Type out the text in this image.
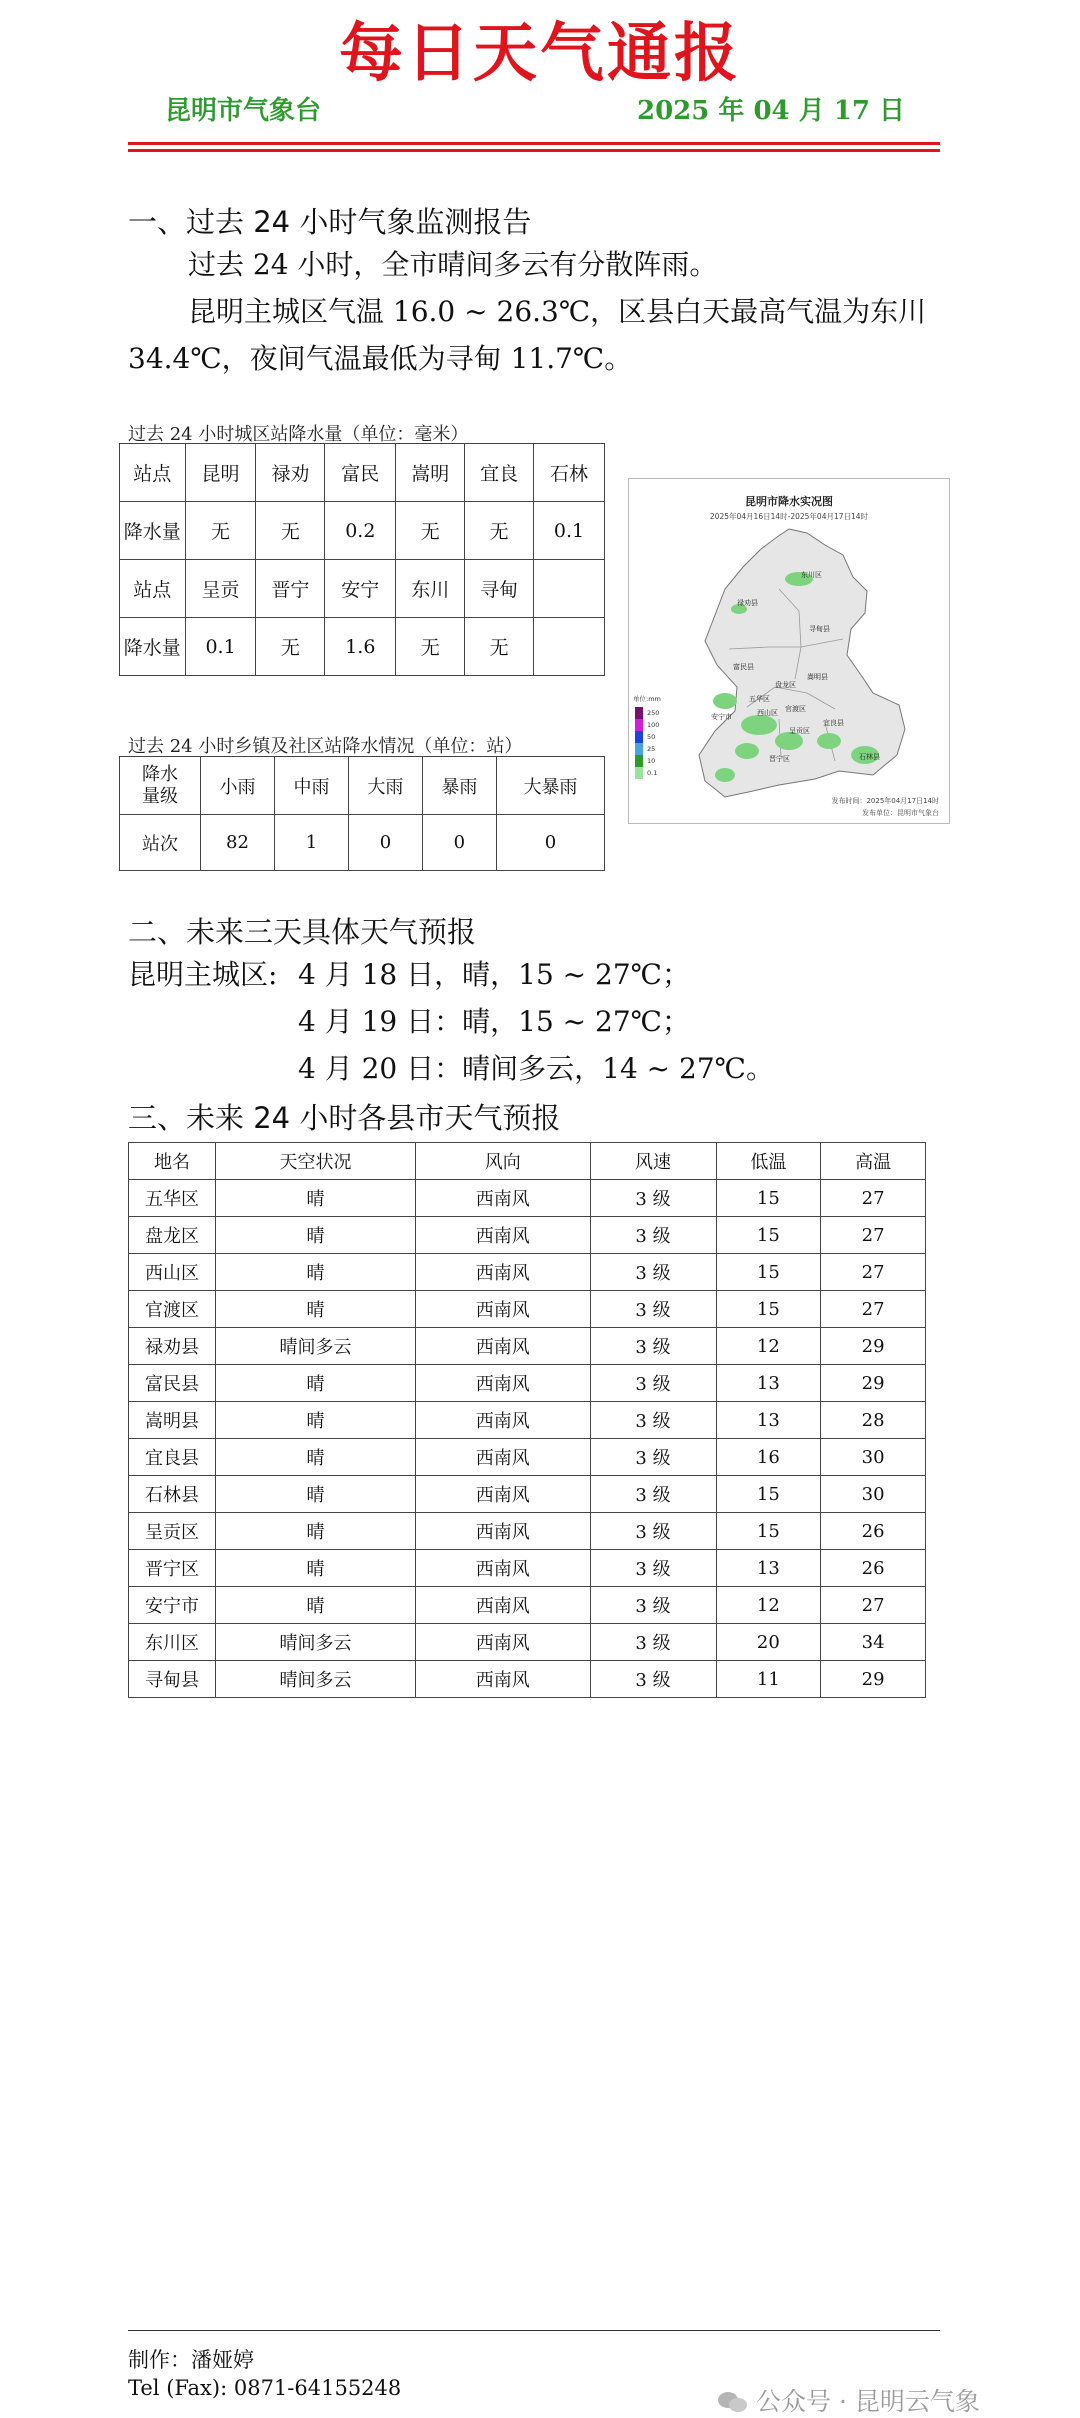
每日天气通报
昆明市气象台	2025 年 04 月 17 日
一、过去 24 小时气象监测报告
过去 24 小时，全市晴间多云有分散阵雨。
昆明主城区气温 16.0 ~ 26.3℃，区县白天最高气温为东川
34.4℃，夜间气温最低为寻甸 11.7℃。
过去 24 小时城区站降水量（单位：毫米）
站点	昆明	禄劝	富民	嵩明	宜良	石林
降水量	无	无	0.2	无	无	0.1
站点	呈贡	晋宁	安宁	东川	寻甸	
降水量	0.1	无	1.6	无	无	
过去 24 小时乡镇及社区站降水情况（单位：站）
降水
量级	小雨	中雨	大雨	暴雨	大暴雨
站次	82	1	0	0	0
昆明市降水实况图
2025年04月16日14时-2025年04月17日14时
东川区
禄劝县
寻甸县
富民县
嵩明县
盘龙区
五华区
西山区 官渡区
宜良县
呈贡区
晋宁区
安宁市
石林县
单位:mm
250
100
50
25
10
0.1
发布时间：2025年04月17日14时
发布单位：昆明市气象台
二、未来三天具体天气预报
昆明主城区: 4 月 18 日，晴，15 ~ 27℃；
4 月 19 日：晴，15 ~ 27℃；
4 月 20 日：晴间多云，14 ~ 27℃。
三、未来 24 小时各县市天气预报
地名	天空状况	风向	风速	低温	高温
五华区	晴	西南风	3 级	15	27
盘龙区	晴	西南风	3 级	15	27
西山区	晴	西南风	3 级	15	27
官渡区	晴	西南风	3 级	15	27
禄劝县	晴间多云	西南风	3 级	12	29
富民县	晴	西南风	3 级	13	29
嵩明县	晴	西南风	3 级	13	28
宜良县	晴	西南风	3 级	16	30
石林县	晴	西南风	3 级	15	30
呈贡区	晴	西南风	3 级	15	26
晋宁区	晴	西南风	3 级	13	26
安宁市	晴	西南风	3 级	12	27
东川区	晴间多云	西南风	3 级	20	34
寻甸县	晴间多云	西南风	3 级	11	29
制作：潘娅婷
Tel (Fax): 0871-64155248	公众号 · 昆明云气象
